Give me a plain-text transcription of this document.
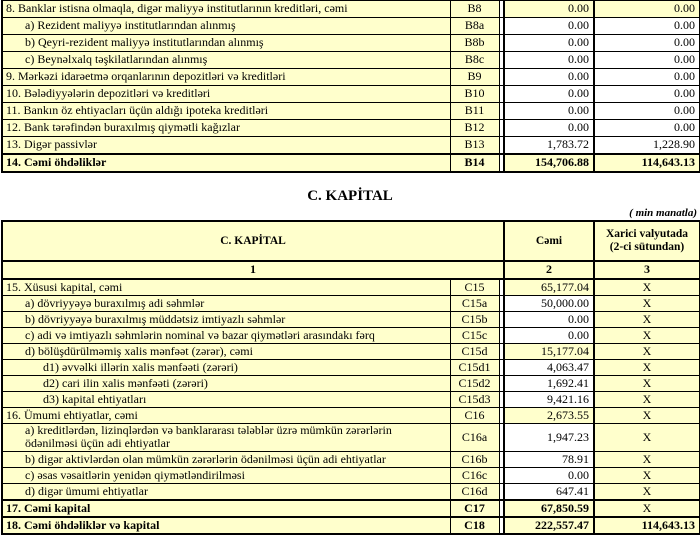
8. Banklar istisna olmaqla, digər maliyyə institutlarının kreditləri, cəmi	B8		0.00	0.00
a) Rezident maliyyə institutlarından alınmış	B8a		0.00	0.00
b) Qeyri-rezident maliyyə institutlarından alınmış	B8b		0.00	0.00
c) Beynəlxalq təşkilatlarından alınmış	B8c		0.00	0.00
9. Mərkəzi idarəetmə orqanlarının depozitləri və kreditləri	B9		0.00	0.00
10. Bələdiyyələrin depozitləri və kreditləri	B10		0.00	0.00
11. Bankın öz ehtiyacları üçün aldığı ipoteka kreditləri	B11		0.00	0.00
12. Bank tərəfindən buraxılmış qiymətli kağızlar	B12		0.00	0.00
13. Digər passivlər	B13		1,783.72	1,228.90
14. Cəmi öhdəliklər	B14		154,706.88	114,643.13
C. KAPİTAL
( min manatla)
C. KAPİTAL			Cəmi	Xarici valyutada (2-ci sütundan)
1			2	3
15. Xüsusi kapital, cəmi	C15		65,177.04	X
a) dövriyyəyə buraxılmış adi səhmlər	C15a		50,000.00	X
b) dövriyyəyə buraxılmış müddətsiz imtiyazlı səhmlər	C15b		0.00	X
c) adi və imtiyazlı səhmlərin nominal və bazar qiymətləri arasındakı fərq	C15c		0.00	X
d) bölüşdürülməmiş xalis mənfəət (zərər), cəmi	C15d		15,177.04	X
d1) əvvəlki illərin xalis mənfəəti (zərəri)	C15d1		4,063.47	X
d2) cari ilin xalis mənfəəti (zərəri)	C15d2		1,692.41	X
d3) kapital ehtiyatları	C15d3		9,421.16	X
16. Ümumi ehtiyatlar, cəmi	C16		2,673.55	X
a) kreditlərdən, lizinqlərdən və banklararası tələblər üzrə mümkün zərərlərin ödənilməsi üçün adi ehtiyatlar	C16a		1,947.23	X
b) digər aktivlərdən olan mümkün zərərlərin ödənilməsi üçün adi ehtiyatlar	C16b		78.91	X
c) əsas vəsaitlərin yenidən qiymətləndirilməsi	C16c		0.00	X
d) digər ümumi ehtiyatlar	C16d		647.41	X
17. Cəmi kapital	C17		67,850.59	X
18. Cəmi öhdəliklər və kapital	C18		222,557.47	114,643.13
